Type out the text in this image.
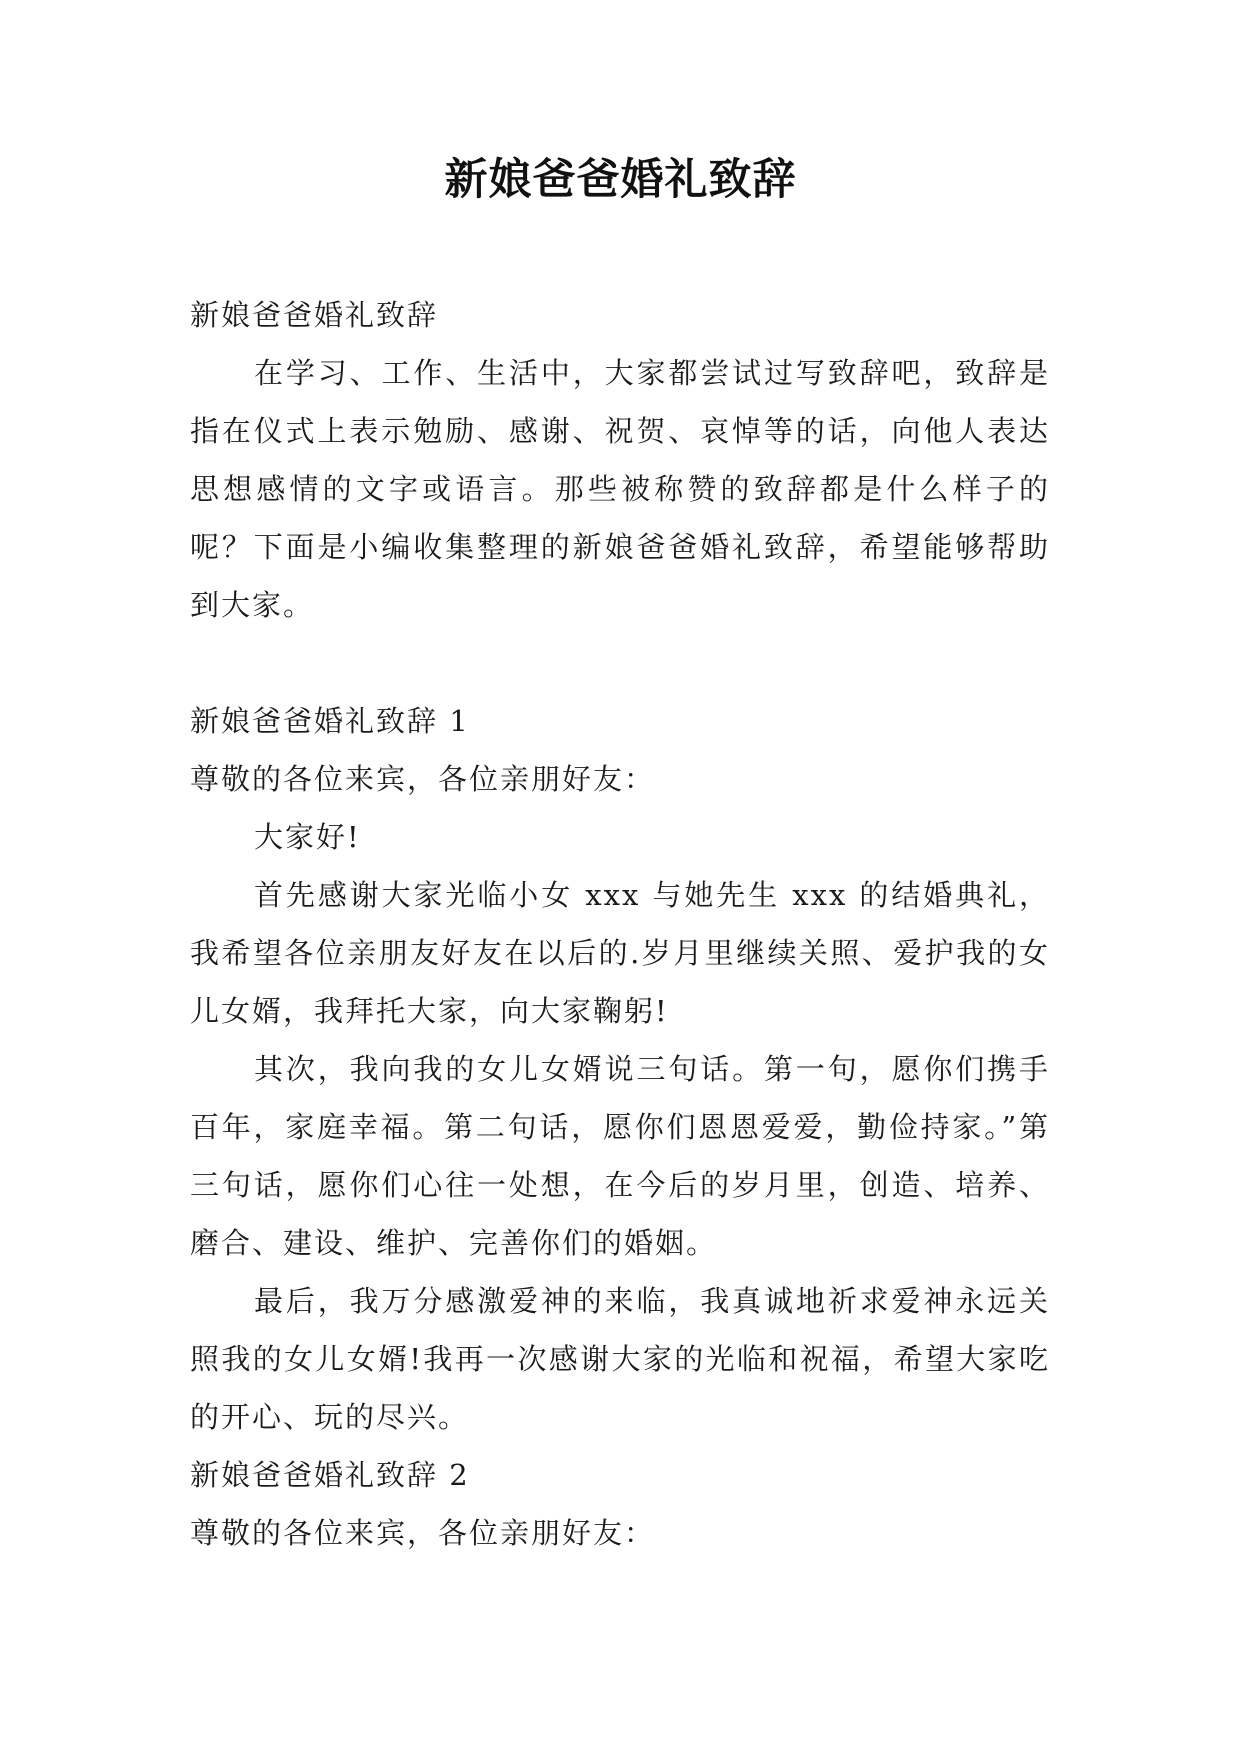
新娘爸爸婚礼致辞

新娘爸爸婚礼致辞

在学习、工作、生活中，大家都尝试过写致辞吧，致辞是指在仪式上表示勉励、感谢、祝贺、哀悼等的话，向他人表达思想感情的文字或语言。那些被称赞的致辞都是什么样子的呢？下面是小编收集整理的新娘爸爸婚礼致辞，希望能够帮助到大家。

新娘爸爸婚礼致辞 1

尊敬的各位来宾，各位亲朋好友：

大家好!

首先感谢大家光临小女 xxx 与她先生 xxx 的结婚典礼，我希望各位亲朋友好友在以后的.岁月里继续关照、爱护我的女儿女婿，我拜托大家，向大家鞠躬!

其次，我向我的女儿女婿说三句话。第一句，愿你们携手百年，家庭幸福。第二句话，愿你们恩恩爱爱，勤俭持家。”第三句话，愿你们心往一处想，在今后的岁月里，创造、培养、磨合、建设、维护、完善你们的婚姻。

最后，我万分感激爱神的来临，我真诚地祈求爱神永远关照我的女儿女婿!我再一次感谢大家的光临和祝福，希望大家吃的开心、玩的尽兴。

新娘爸爸婚礼致辞 2

尊敬的各位来宾，各位亲朋好友：
